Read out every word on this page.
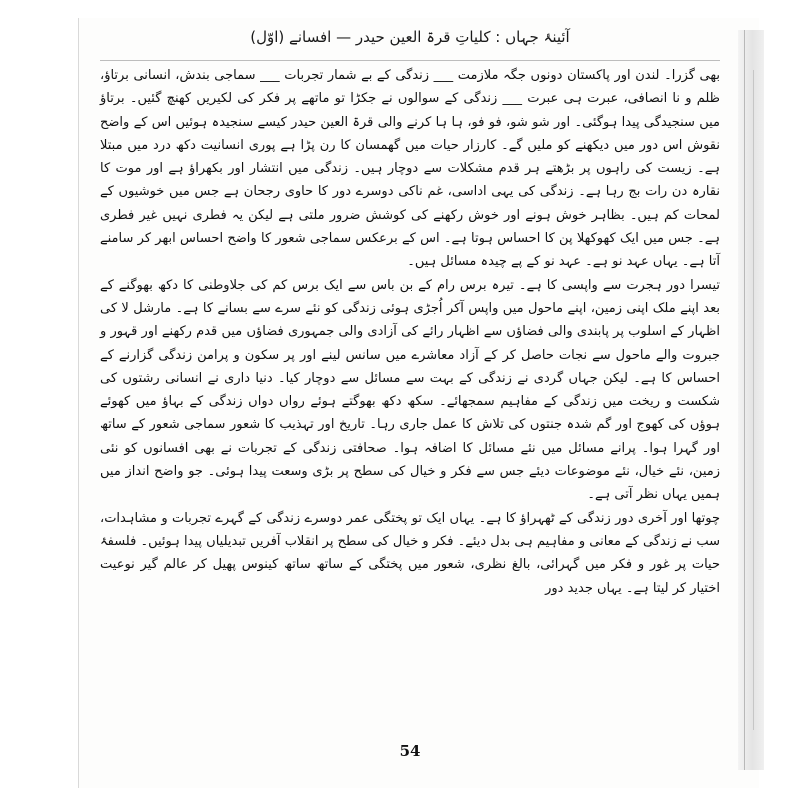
آئینۂ جہاں : کلیاتِ قرۃ العین حیدر — افسانے (اوّل)

بھی گزرا۔ لندن اور پاکستان دونوں جگہ ملازمت ___ زندگی کے بے شمار تجربات ___ سماجی بندش، انسانی برتاؤ، ظلم و نا انصافی، عبرت ہی عبرت ___ زندگی کے سوالوں نے جکڑا تو ماتھے پر فکر کی لکیریں کھنچ گئیں۔ برتاؤ میں سنجیدگی پیدا ہوگئی۔ اور شو شو، فو فو، ہا ہا کرنے والی قرۃ العین حیدر کیسے سنجیدہ ہوئیں اس کے واضح نقوش اس دور میں دیکھنے کو ملیں گے۔ کارزار حیات میں گھمسان کا رن پڑا ہے پوری انسانیت دکھ درد میں مبتلا ہے۔ زیست کی راہوں پر بڑھتے ہر قدم مشکلات سے دوچار ہیں۔ زندگی میں انتشار اور بکھراؤ ہے اور موت کا نقارہ دن رات بج رہا ہے۔ زندگی کی یہی اداسی، غم ناکی دوسرے دور کا حاوی رجحان ہے جس میں خوشیوں کے لمحات کم ہیں۔ بظاہر خوش ہونے اور خوش رکھنے کی کوشش ضرور ملتی ہے لیکن یہ فطری نہیں غیر فطری ہے۔ جس میں ایک کھوکھلا پن کا احساس ہوتا ہے۔ اس کے برعکس سماجی شعور کا واضح احساس ابھر کر سامنے آتا ہے۔ یہاں عہد نو ہے۔ عہد نو کے پے چیدہ مسائل ہیں۔

تیسرا دور ہجرت سے واپسی کا ہے۔ تیرہ برس رام کے بن باس سے ایک برس کم کی جلاوطنی کا دکھ بھوگنے کے بعد اپنے ملک اپنی زمین، اپنے ماحول میں واپس آکر اُجڑی ہوئی زندگی کو نئے سرے سے بسانے کا ہے۔ مارشل لا کی اظہار کے اسلوب پر پابندی والی فضاؤں سے اظہار رائے کی آزادی والی جمہوری فضاؤں میں قدم رکھنے اور قہور و جبروت والے ماحول سے نجات حاصل کر کے آزاد معاشرے میں سانس لینے اور پر سکون و پرامن زندگی گزارنے کے احساس کا ہے۔ لیکن جہاں گردی نے زندگی کے بہت سے مسائل سے دوچار کیا۔ دنیا داری نے انسانی رشتوں کی شکست و ریخت میں زندگی کے مفاہیم سمجھائے۔ سکھ دکھ بھوگتے ہوئے رواں دواں زندگی کے بہاؤ میں کھوئے ہوؤں کی کھوج اور گم شدہ جنتوں کی تلاش کا عمل جاری رہا۔ تاریخ اور تہذیب کا شعور سماجی شعور کے ساتھ اور گہرا ہوا۔ پرانے مسائل میں نئے مسائل کا اضافہ ہوا۔ صحافتی زندگی کے تجربات نے بھی افسانوں کو نئی زمین، نئے خیال، نئے موضوعات دیئے جس سے فکر و خیال کی سطح پر بڑی وسعت پیدا ہوئی۔ جو واضح انداز میں ہمیں یہاں نظر آتی ہے۔

چوتھا اور آخری دور زندگی کے ٹھہراؤ کا ہے۔ یہاں ایک تو پختگی عمر دوسرے زندگی کے گہرے تجربات و مشاہدات، سب نے زندگی کے معانی و مفاہیم ہی بدل دیئے۔ فکر و خیال کی سطح پر انقلاب آفریں تبدیلیاں پیدا ہوئیں۔ فلسفۂ حیات پر غور و فکر میں گہرائی، بالغ نظری، شعور میں پختگی کے ساتھ ساتھ کینوس پھیل کر عالم گیر نوعیت اختیار کر لیتا ہے۔ یہاں جدید دور

54
